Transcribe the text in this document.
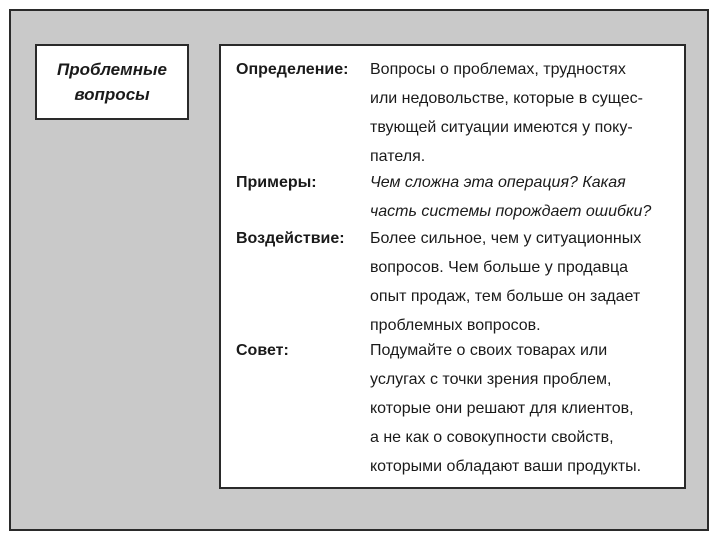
Проблемные
вопросы
Определение: Вопросы о проблемах, трудностях
или недовольстве, которые в сущес-
твующей ситуации имеются у поку-
пателя.
Примеры:	Чем сложна эта операция? Какая
часть системы порождает ошибки?
Воздействие: Более сильное, чем у ситуационных
вопросов. Чем больше у продавца
опыт продаж, тем больше он задает
проблемных вопросов.
Совет:	Подумайте о своих товарах или
услугах с точки зрения проблем,
которые они решают для клиентов,
а не как о совокупности свойств,
которыми обладают ваши продукты.
